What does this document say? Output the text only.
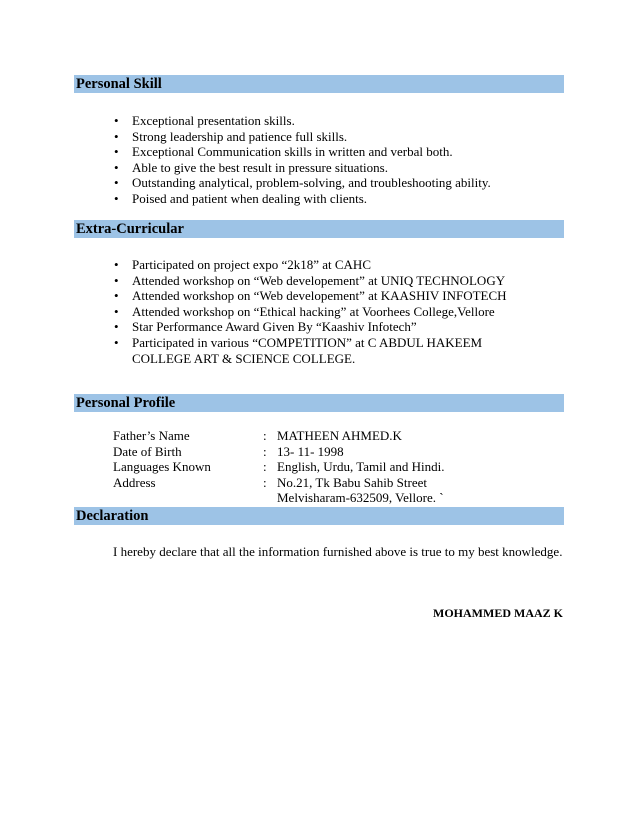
Personal Skill
• Exceptional presentation skills.
• Strong leadership and patience full skills.
• Exceptional Communication skills in written and verbal both.
• Able to give the best result in pressure situations.
• Outstanding analytical, problem-solving, and troubleshooting ability.
• Poised and patient when dealing with clients.
Extra-Curricular
• Participated on project expo “2k18” at CAHC
• Attended workshop on “Web developement” at UNIQ TECHNOLOGY
• Attended workshop on “Web developement” at KAASHIV INFOTECH
• Attended workshop on “Ethical hacking” at Voorhees College,Vellore
• Star Performance Award Given By “Kaashiv Infotech”
• Participated in various “COMPETITION” at C ABDUL HAKEEM COLLEGE ART & SCIENCE COLLEGE.
Personal Profile
Father’s Name	: MATHEEN AHMED.K
Date of Birth	: 13- 11- 1998
Languages Known	: English, Urdu, Tamil and Hindi.
Address	: No.21, Tk Babu Sahib Street
Melvisharam-632509, Vellore. `
Declaration
I hereby declare that all the information furnished above is true to my best knowledge.
MOHAMMED MAAZ K
